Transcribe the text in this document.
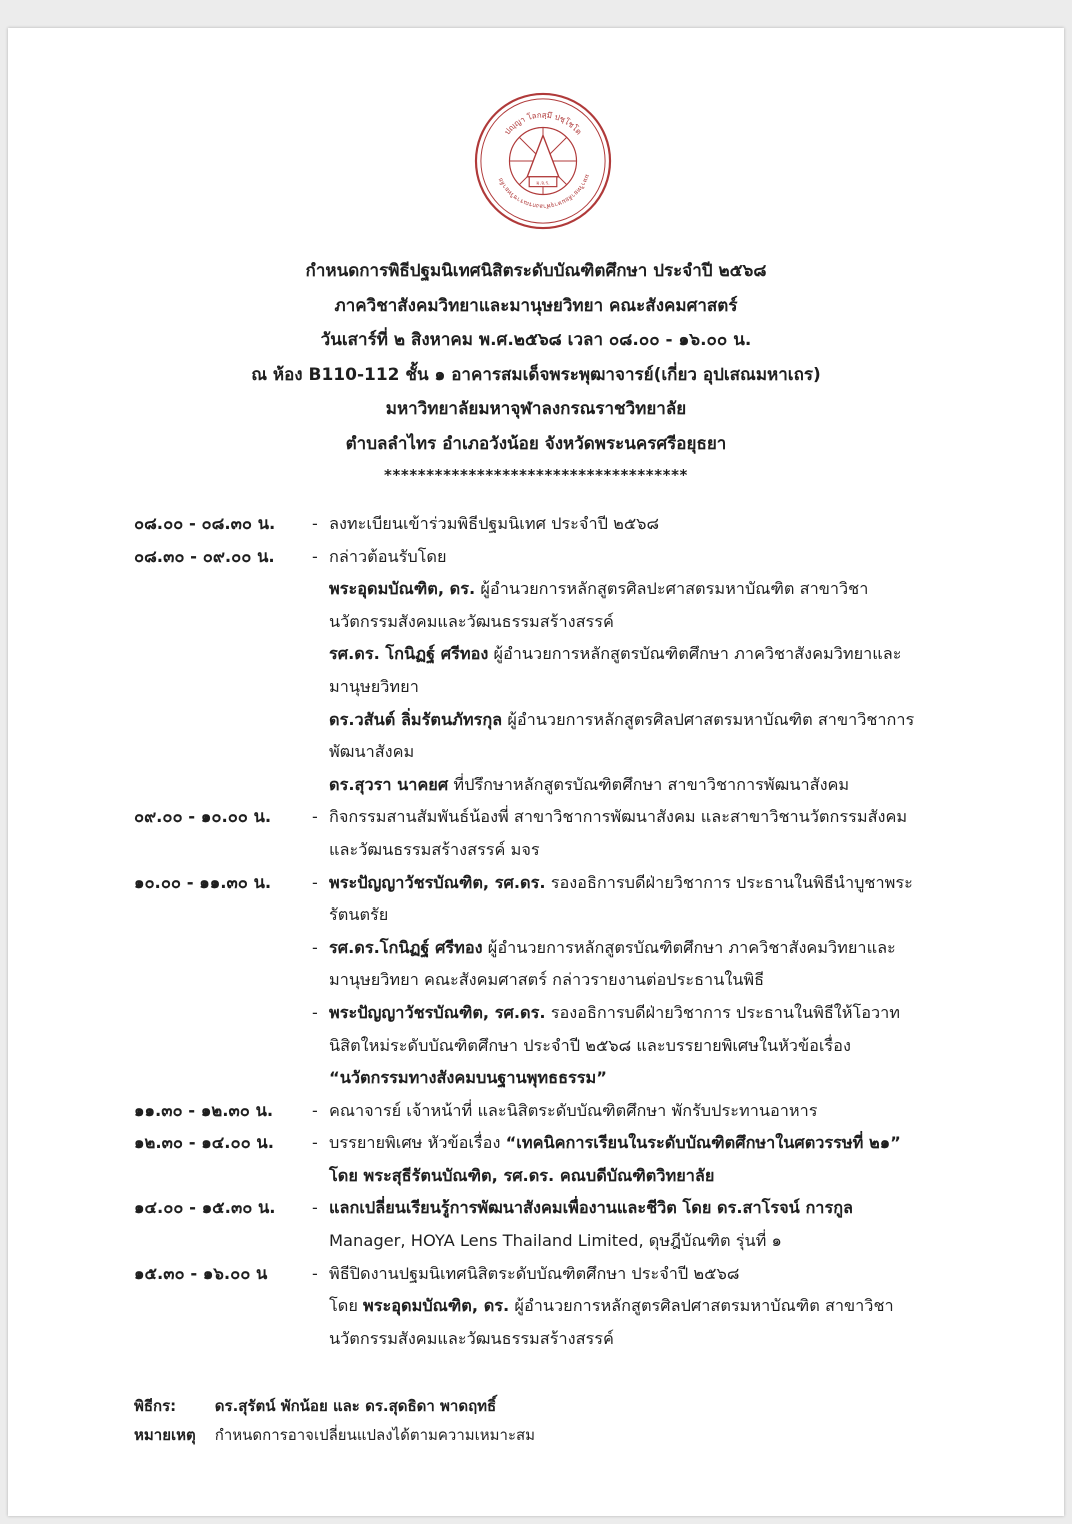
ปญฺญา โลกสฺมึ ปชฺโชโต
มหาวิทยาลัยมหาจุฬาลงกรณราชวิทยาลัย
ม.จ.ร.
กำหนดการพิธีปฐมนิเทศนิสิตระดับบัณฑิตศึกษา ประจำปี ๒๕๖๘
ภาควิชาสังคมวิทยาและมานุษยวิทยา คณะสังคมศาสตร์
วันเสาร์ที่ ๒ สิงหาคม พ.ศ.๒๕๖๘ เวลา ๐๘.๐๐ - ๑๖.๐๐ น.
ณ ห้อง B110-112 ชั้น ๑ อาคารสมเด็จพระพุฒาจารย์(เกี่ยว อุปเสณมหาเถร)
มหาวิทยาลัยมหาจุฬาลงกรณราชวิทยาลัย
ตำบลลำไทร อำเภอวังน้อย จังหวัดพระนครศรีอยุธยา
************************************
๐๘.๐๐ - ๐๘.๓๐ น.	- ลงทะเบียนเข้าร่วมพิธีปฐมนิเทศ ประจำปี ๒๕๖๘
๐๘.๓๐ - ๐๙.๐๐ น.	- กล่าวต้อนรับโดย
พระอุดมบัณฑิต, ดร. ผู้อำนวยการหลักสูตรศิลปะศาสตรมหาบัณฑิต สาขาวิชานวัตกรรมสังคมและวัฒนธรรมสร้างสรรค์
รศ.ดร. โกนิฏฐ์ ศรีทอง ผู้อำนวยการหลักสูตรบัณฑิตศึกษา ภาควิชาสังคมวิทยาและมานุษยวิทยา
ดร.วสันต์ ลิ่มรัตนภัทรกุล ผู้อำนวยการหลักสูตรศิลปศาสตรมหาบัณฑิต สาขาวิชาการพัฒนาสังคม
ดร.สุวรา นาคยศ ที่ปรึกษาหลักสูตรบัณฑิตศึกษา สาขาวิชาการพัฒนาสังคม
๐๙.๐๐ - ๑๐.๐๐ น.	- กิจกรรมสานสัมพันธ์น้องพี่ สาขาวิชาการพัฒนาสังคม และสาขาวิชานวัตกรรมสังคมและวัฒนธรรมสร้างสรรค์ มจร
๑๐.๐๐ - ๑๑.๓๐ น.	- พระปัญญาวัชรบัณฑิต, รศ.ดร. รองอธิการบดีฝ่ายวิชาการ ประธานในพิธีนำบูชาพระรัตนตรัย
- รศ.ดร.โกนิฏฐ์ ศรีทอง ผู้อำนวยการหลักสูตรบัณฑิตศึกษา ภาควิชาสังคมวิทยาและมานุษยวิทยา คณะสังคมศาสตร์ กล่าวรายงานต่อประธานในพิธี
- พระปัญญาวัชรบัณฑิต, รศ.ดร. รองอธิการบดีฝ่ายวิชาการ ประธานในพิธีให้โอวาทนิสิตใหม่ระดับบัณฑิตศึกษา ประจำปี ๒๕๖๘ และบรรยายพิเศษในหัวข้อเรื่อง “นวัตกรรมทางสังคมบนฐานพุทธธรรม”
๑๑.๓๐ - ๑๒.๓๐ น.	- คณาจารย์ เจ้าหน้าที่ และนิสิตระดับบัณฑิตศึกษา พักรับประทานอาหาร
๑๒.๓๐ - ๑๔.๐๐ น.	- บรรยายพิเศษ หัวข้อเรื่อง “เทคนิคการเรียนในระดับบัณฑิตศึกษาในศตวรรษที่ ๒๑” โดย พระสุธีรัตนบัณฑิต, รศ.ดร. คณบดีบัณฑิตวิทยาลัย
๑๔.๐๐ - ๑๕.๓๐ น.	- แลกเปลี่ยนเรียนรู้การพัฒนาสังคมเพื่องานและชีวิต โดย ดร.สาโรจน์ การกูล Manager, HOYA Lens Thailand Limited, ดุษฎีบัณฑิต รุ่นที่ ๑
๑๕.๓๐ - ๑๖.๐๐ น	- พิธีปิดงานปฐมนิเทศนิสิตระดับบัณฑิตศึกษา ประจำปี ๒๕๖๘
โดย พระอุดมบัณฑิต, ดร. ผู้อำนวยการหลักสูตรศิลปศาสตรมหาบัณฑิต สาขาวิชานวัตกรรมสังคมและวัฒนธรรมสร้างสรรค์
พิธีกร:	ดร.สุรัตน์ พักน้อย และ ดร.สุดธิดา พาดฤทธิ์
หมายเหตุ กำหนดการอาจเปลี่ยนแปลงได้ตามความเหมาะสม
